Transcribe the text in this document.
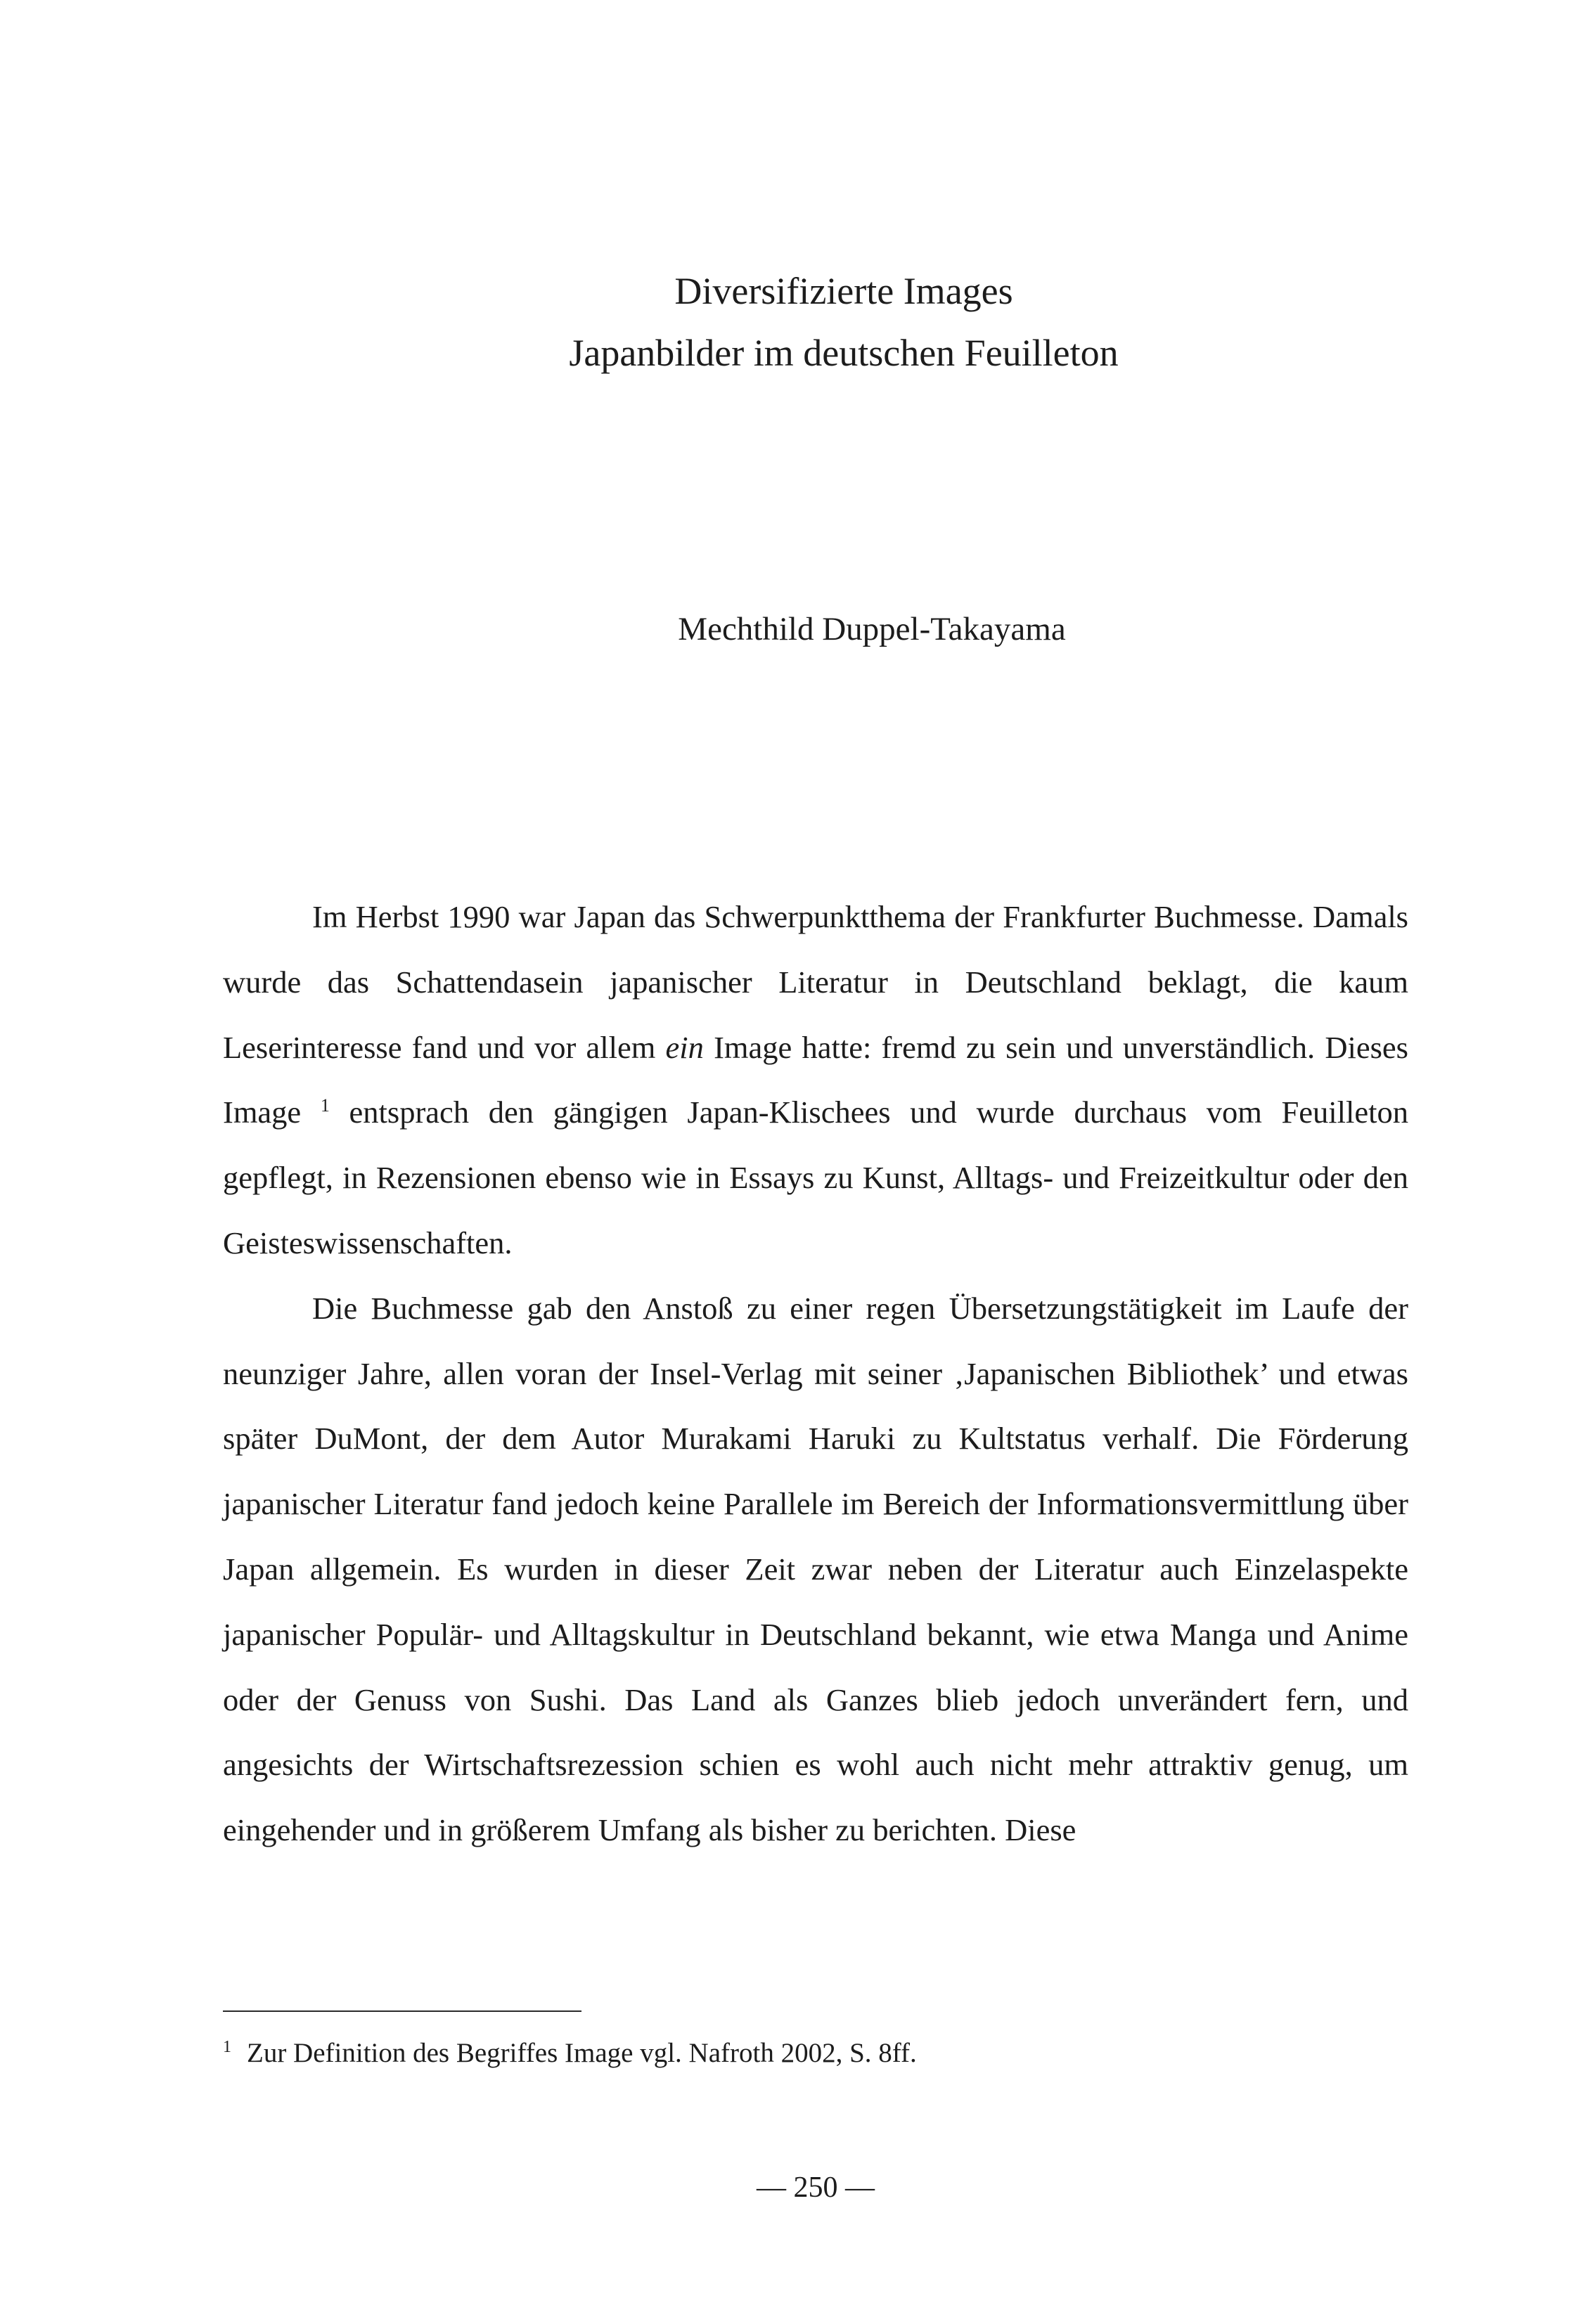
Diversifizierte Images
Japanbilder im deutschen Feuilleton
Mechthild Duppel-Takayama

Im Herbst 1990 war Japan das Schwerpunktthema der Frankfurter Buchmesse. Damals wurde das Schattendasein japanischer Literatur in Deutschland beklagt, die kaum Leserinteresse fand und vor allem ein Image hatte: fremd zu sein und unverständlich. Dieses Image $^1$ entsprach den gängigen Japan-Klischees und wurde durchaus vom Feuilleton gepflegt, in Rezensionen ebenso wie in Essays zu Kunst, Alltags- und Freizeitkultur oder den Geisteswissenschaften.

Die Buchmesse gab den Anstoß zu einer regen Übersetzungstätigkeit im Laufe der neunziger Jahre, allen voran der Insel-Verlag mit seiner ‚Japanischen Bibliothek’ und etwas später DuMont, der dem Autor Murakami Haruki zu Kultstatus verhalf. Die Förderung japanischer Literatur fand jedoch keine Parallele im Bereich der Informationsvermittlung über Japan allgemein. Es wurden in dieser Zeit zwar neben der Literatur auch Einzelaspekte japanischer Populär- und Alltagskultur in Deutschland bekannt, wie etwa Manga und Anime oder der Genuss von Sushi. Das Land als Ganzes blieb jedoch unverändert fern, und angesichts der Wirtschaftsrezession schien es wohl auch nicht mehr attraktiv genug, um eingehender und in größerem Umfang als bisher zu berichten. Diese

$^1$ Zur Definition des Begriffes Image vgl. Nafroth 2002, S. 8ff.
— 250 —
